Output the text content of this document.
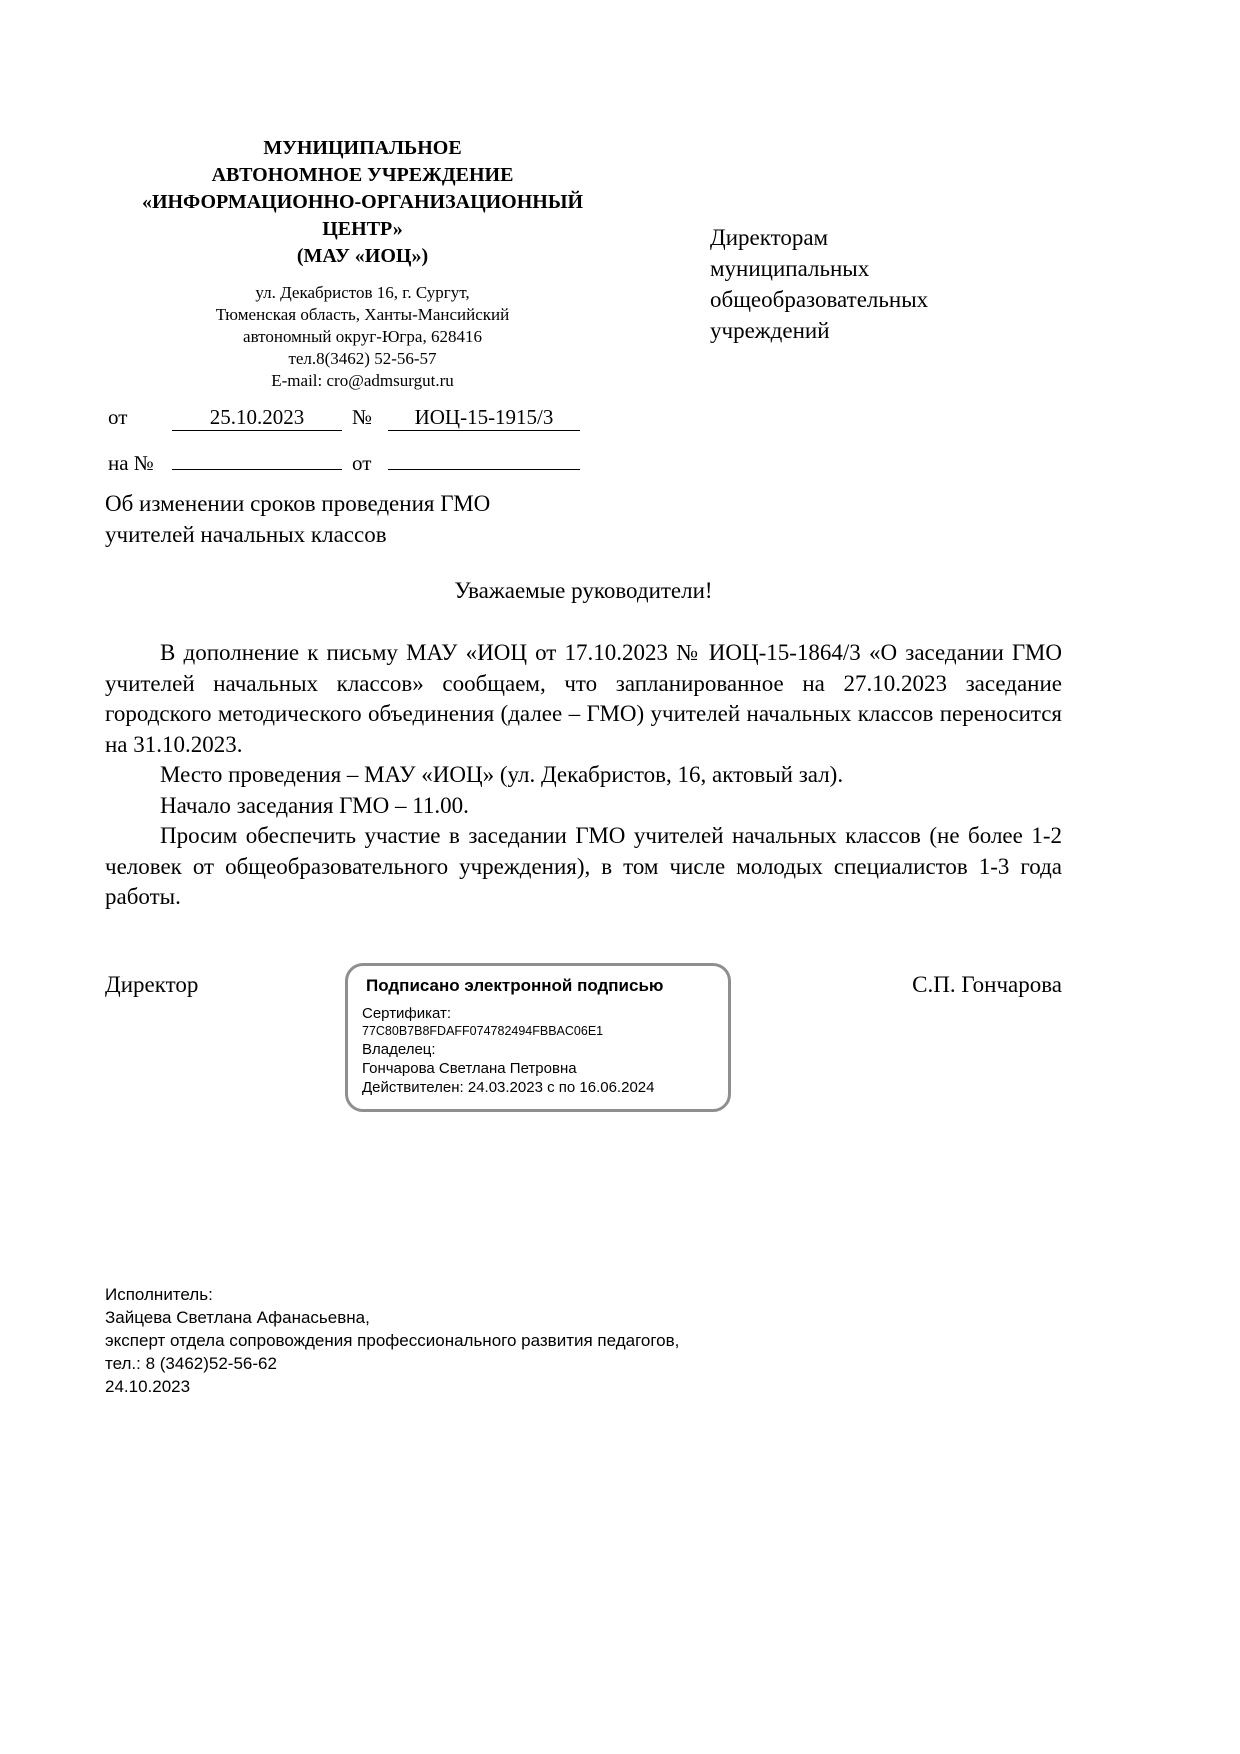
МУНИЦИПАЛЬНОЕ
АВТОНОМНОЕ УЧРЕЖДЕНИЕ
«ИНФОРМАЦИОННО-ОРГАНИЗАЦИОННЫЙ
ЦЕНТР»
(МАУ «ИОЦ»)
ул. Декабристов 16, г. Сургут,
Тюменская область, Ханты-Мансийский
автономный округ-Югра, 628416
тел.8(3462) 52-56-57
E-mail: cro@admsurgut.ru
Директорам
муниципальных
общеобразовательных
учреждений
от	25.10.2023	№	ИОЦ-15-1915/3
на №	от
Об изменении сроков проведения ГМО
учителей начальных классов
Уважаемые руководители!

В дополнение к письму МАУ «ИОЦ от 17.10.2023 № ИОЦ-15-1864/3 «О заседании ГМО учителей начальных классов» сообщаем, что запланированное на 27.10.2023 заседание городского методического объединения (далее – ГМО) учителей начальных классов переносится на 31.10.2023.

Место проведения – МАУ «ИОЦ» (ул. Декабристов, 16, актовый зал).

Начало заседания ГМО – 11.00.

Просим обеспечить участие в заседании ГМО учителей начальных классов (не более 1-2 человек от общеобразовательного учреждения), в том числе молодых специалистов 1-3 года работы.

Директор	С.П. Гончарова
Подписано электронной подписью
Сертификат:
77C80B7B8FDAFF074782494FBBAC06E1
Владелец:
Гончарова Светлана Петровна
Действителен: 24.03.2023 с по 16.06.2024
Исполнитель:
Зайцева Светлана Афанасьевна,
эксперт отдела сопровождения профессионального развития педагогов,
тел.: 8 (3462)52-56-62
24.10.2023
